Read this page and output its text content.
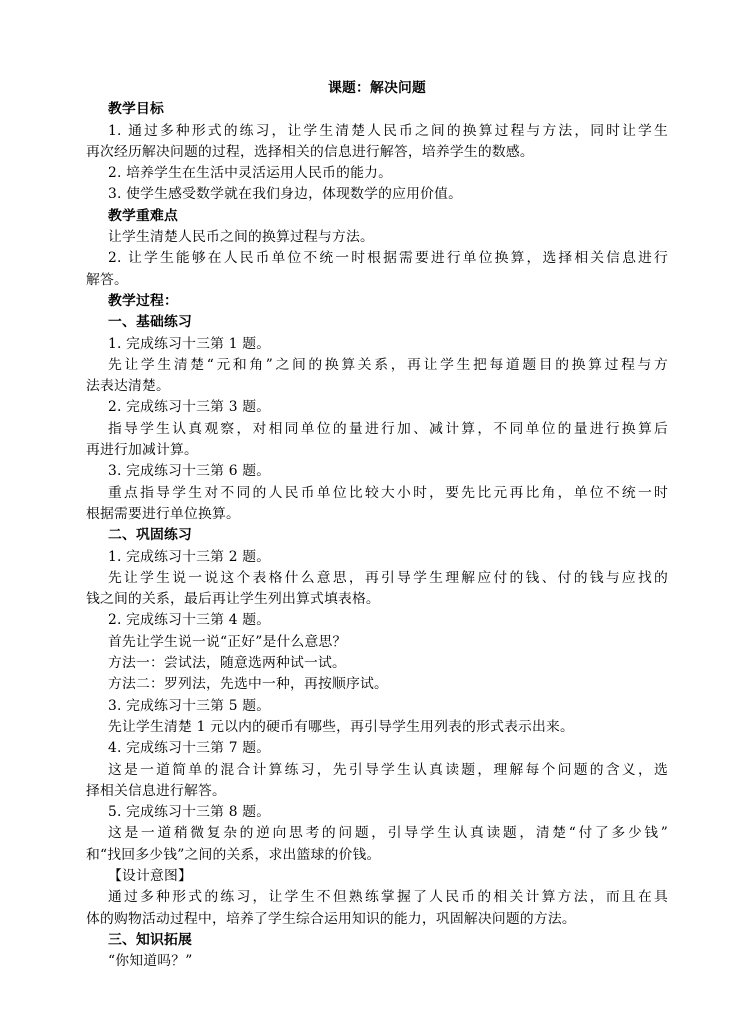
课题：解决问题
教学目标
1. 通过多种形式的练习，让学生清楚人民币之间的换算过程与方法，同时让学生
再次经历解决问题的过程，选择相关的信息进行解答，培养学生的数感。
2. 培养学生在生活中灵活运用人民币的能力。
3. 使学生感受数学就在我们身边，体现数学的应用价值。
教学重难点
让学生清楚人民币之间的换算过程与方法。
2. 让学生能够在人民币单位不统一时根据需要进行单位换算，选择相关信息进行
解答。
教学过程：
一、基础练习
1. 完成练习十三第 1 题。
先让学生清楚“元和角”之间的换算关系，再让学生把每道题目的换算过程与方
法表达清楚。
2. 完成练习十三第 3 题。
指导学生认真观察，对相同单位的量进行加、减计算，不同单位的量进行换算后
再进行加减计算。
3. 完成练习十三第 6 题。
重点指导学生对不同的人民币单位比较大小时，要先比元再比角，单位不统一时
根据需要进行单位换算。
二、巩固练习
1. 完成练习十三第 2 题。
先让学生说一说这个表格什么意思，再引导学生理解应付的钱、付的钱与应找的
钱之间的关系，最后再让学生列出算式填表格。
2. 完成练习十三第 4 题。
首先让学生说一说“正好”是什么意思？
方法一：尝试法，随意选两种试一试。
方法二：罗列法，先选中一种，再按顺序试。
3. 完成练习十三第 5 题。
先让学生清楚 1 元以内的硬币有哪些，再引导学生用列表的形式表示出来。
4. 完成练习十三第 7 题。
这是一道简单的混合计算练习，先引导学生认真读题，理解每个问题的含义，选
择相关信息进行解答。
5. 完成练习十三第 8 题。
这是一道稍微复杂的逆向思考的问题，引导学生认真读题，清楚“付了多少钱”
和“找回多少钱”之间的关系，求出篮球的价钱。
【设计意图】
通过多种形式的练习，让学生不但熟练掌握了人民币的相关计算方法，而且在具
体的购物活动过程中，培养了学生综合运用知识的能力，巩固解决问题的方法。
三、知识拓展
“你知道吗？”
